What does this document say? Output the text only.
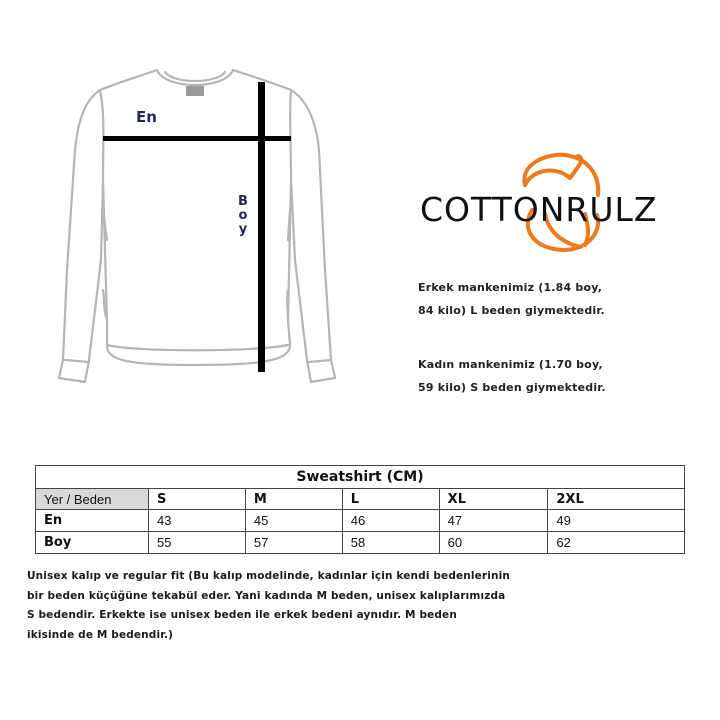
En
B
o
y
COTTONRULZ
Erkek mankenimiz (1.84 boy,
84 kilo) L beden giymektedir.
Kadın mankenimiz (1.70 boy,
59 kilo) S beden giymektedir.
Sweatshirt (CM)					
Yer / Beden	S	M	L	XL	2XL
En	43	45	46	47	49
Boy	55	57	58	60	62
Unisex kalıp ve regular fit (Bu kalıp modelinde, kadınlar için kendi bedenlerinin
bir beden küçüğüne tekabül eder. Yani kadında M beden, unisex kalıplarımızda
S bedendir. Erkekte ise unisex beden ile erkek bedeni aynıdır. M beden
ikisinde de M bedendir.)
